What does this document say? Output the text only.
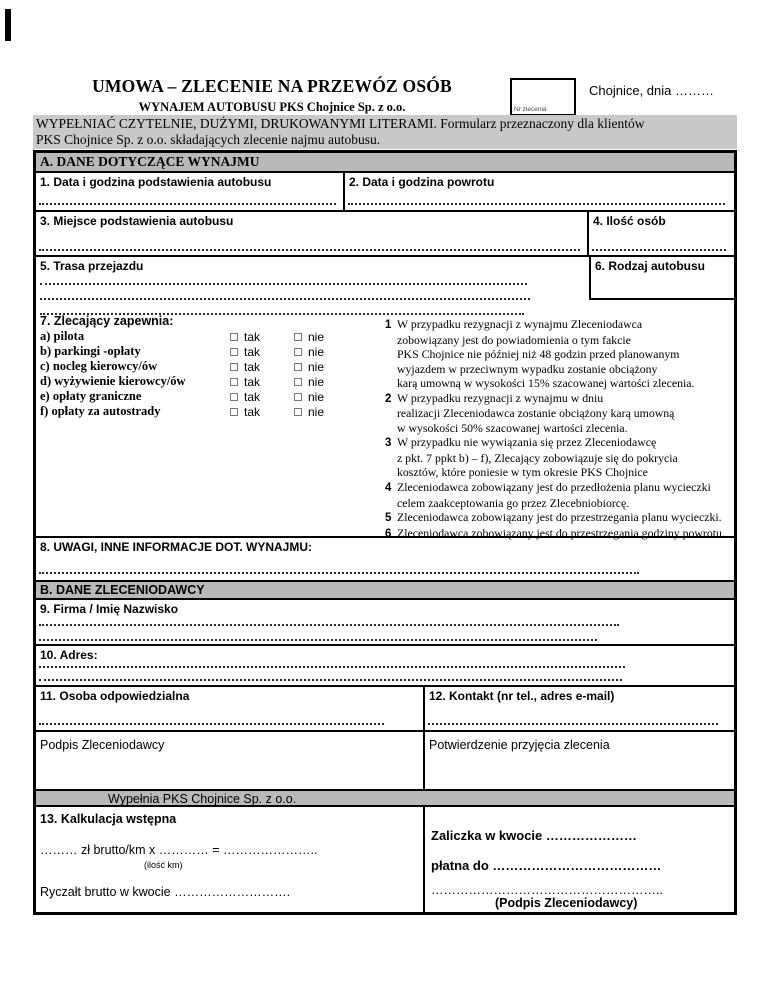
UMOWA – ZLECENIE NA PRZEWÓZ OSÓB
WYNAJEM AUTOBUSU PKS Chojnice Sp. z o.o.	Nr zlecenia
Chojnice, dnia ………
WYPEŁNIAĆ CZYTELNIE, DUŻYMI, DRUKOWANYMI LITERAMI. Formularz przeznaczony dla klientów
PKS Chojnice Sp. z o.o. składających zlecenie najmu autobusu.
A. DANE DOTYCZĄCE WYNAJMU
1. Data i godzina podstawienia autobusu	2. Data i godzina powrotu
3. Miejsce podstawienia autobusu	4. Ilość osób
5. Trasa przejazdu	6. Rodzaj autobusu
7. Zlecający zapewnia:
a) pilota	tak	nie
b) parkingi -opłaty	tak	nie
c) nocleg kierowcy/ów	tak	nie
d) wyżywienie kierowcy/ów	tak	nie
e) opłaty graniczne	tak	nie
f) opłaty za autostrady	tak	nie
1 W przypadku rezygnacji z wynajmu Zleceniodawca
zobowiązany jest do powiadomienia o tym fakcie
PKS Chojnice nie później niż 48 godzin przed planowanym
wyjazdem w przeciwnym wypadku zostanie obciążony
karą umowną w wysokości 15% szacowanej wartości zlecenia.
2 W przypadku rezygnacji z wynajmu w dniu
realizacji Zleceniodawca zostanie obciążony karą umowną
w wysokości 50% szacowanej wartości zlecenia.
3 W przypadku nie wywiązania się przez Zleceniodawcę
z pkt. 7 ppkt b) – f), Zlecający zobowiązuje się do pokrycia
kosztów, które poniesie w tym okresie PKS Chojnice
4 Zleceniodawca zobowiązany jest do przedłożenia planu wycieczki
celem zaakceptowania go przez Zlecebniobiorcę.
5 Zleceniodawca zobowiązany jest do przestrzegania planu wycieczki.
6 Zleceniodawca zobowiązany jest do przestrzegania godziny powrotu.
8. UWAGI, INNE INFORMACJE DOT. WYNAJMU:
B. DANE ZLECENIODAWCY
9. Firma / Imię Nazwisko
10. Adres:
11. Osoba odpowiedzialna	12. Kontakt (nr tel., adres e-mail)
Podpis Zleceniodawcy	Potwierdzenie przyjęcia zlecenia
Wypełnia PKS Chojnice Sp. z o.o.
13. Kalkulacja wstępna
……… zł brutto/km x ………… = …………………..
(ilość km)
Ryczałt brutto w kwocie ……………………….
Zaliczka w kwocie …………………
płatna do …………………………………
………………………………………………..
(Podpis Zleceniodawcy)
